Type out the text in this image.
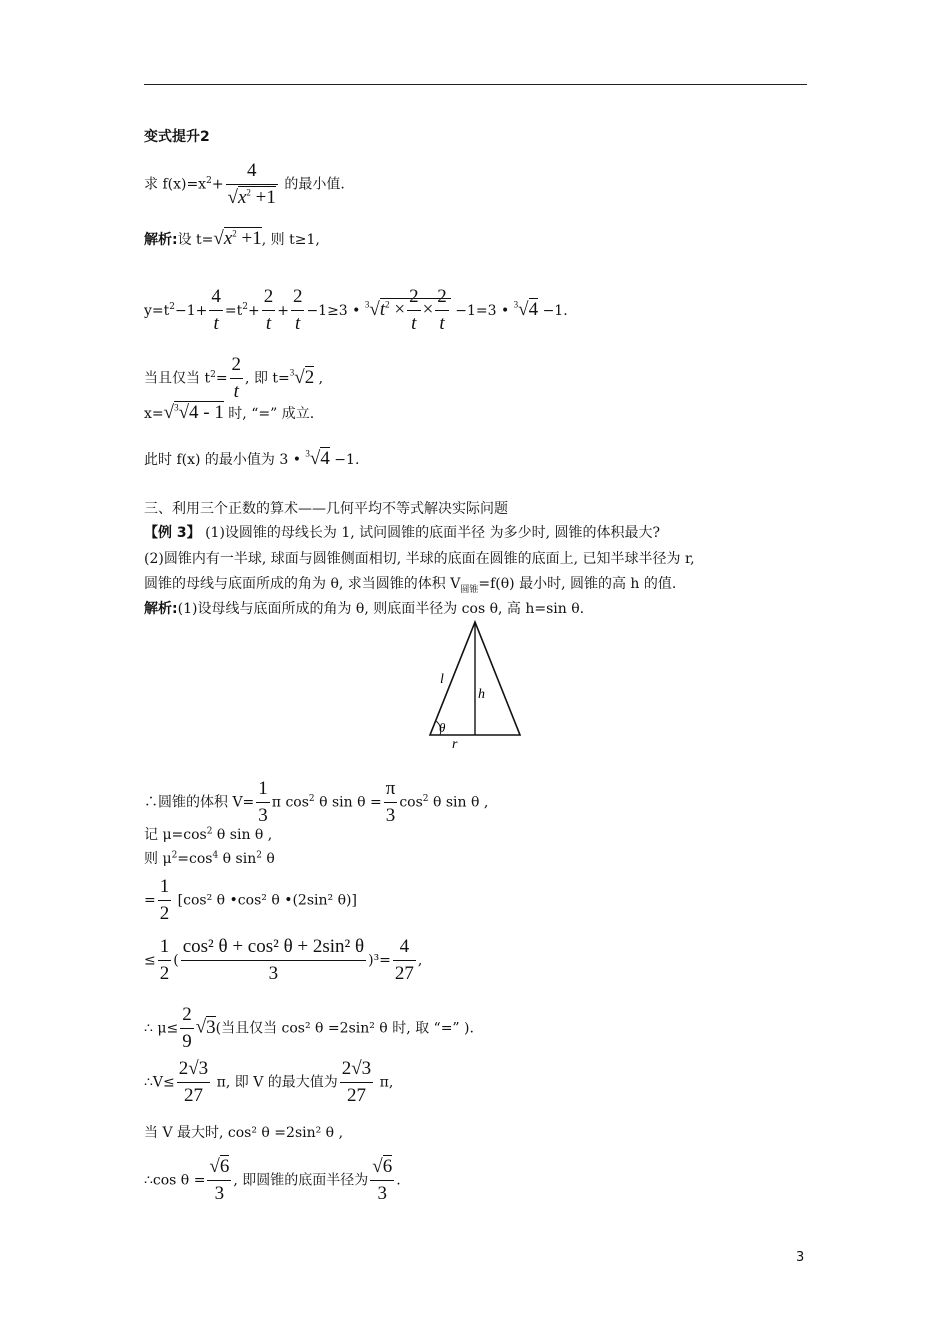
变式提升2
求 $f(x)=x^2+ \frac{4}{√x^2 +1}$ 的最小值.
解析:设 $t=√x^2 +1$, 则 t≥1,
$y=t^2-1+ \frac{4}{t} =t^2+ \frac{2}{t} + \frac{2}{t} -1\ge 3$ • $^3√t^2 \times \frac{2}{t} \times \frac{2}{t} -1=3$ • $^3$√4 −1.
当且仅当 $t^2= \frac{2}{t}$ , 即 t=$^3$√2 ,
x=√$^3$√4 - 1 时, “=” 成立.
此时 f(x) 的最小值为 3 • $^3$√4 −1.
三、利用三个正数的算术——几何平均不等式解决实际问题
【例 3】 (1)设圆锥的母线长为 1, 试问圆锥的底面半径 为多少时, 圆锥的体积最大?
(2)圆锥内有一半球, 球面与圆锥侧面相切, 半球的底面在圆锥的底面上, 已知半球半径为 r,
圆锥的母线与底面所成的角为 θ, 求当圆锥的体积 $V_{圆锥}=f(\theta)$ 最小时, 圆锥的高 h 的值.
解析:(1)设母线与底面所成的角为 θ, 则底面半径为 cos θ, 高 h=sin θ.
l
h
θ
r
∴圆锥的体积 $V= \frac{1}{3}$ π $\cos^2 \theta$ $\sin \theta = \frac{\pi}{3} \cos^2 \theta$ sin θ ,
记 $\mu=\cos^2$ θ sin θ ,
则 $\mu^2=\cos^4$ θ $\sin^2 \theta$
= $\frac{1}{2} [\cos^2$ θ •cos² θ •(2sin² θ)]
≤ $\frac{1}{2}$ ( $\frac{\text{cos² θ + cos² θ + 2sin² θ}}{3} )^3= \frac{4}{27}$ ,
∴ $\mu\le \frac{2}{9} √3$(当且仅当 cos² θ =2sin² θ 时, 取 “=” ).
∴V≤ $\frac{2√3}{27} \pi$, 即 V 的最大值为 $\frac{2√3}{27} \pi$,
当 V 最大时, cos² θ =2sin² θ ,
∴cos $\theta = \frac{√6}{3}$ , 即圆锥的底面半径为 $\frac{√6}{3}$ .
3
